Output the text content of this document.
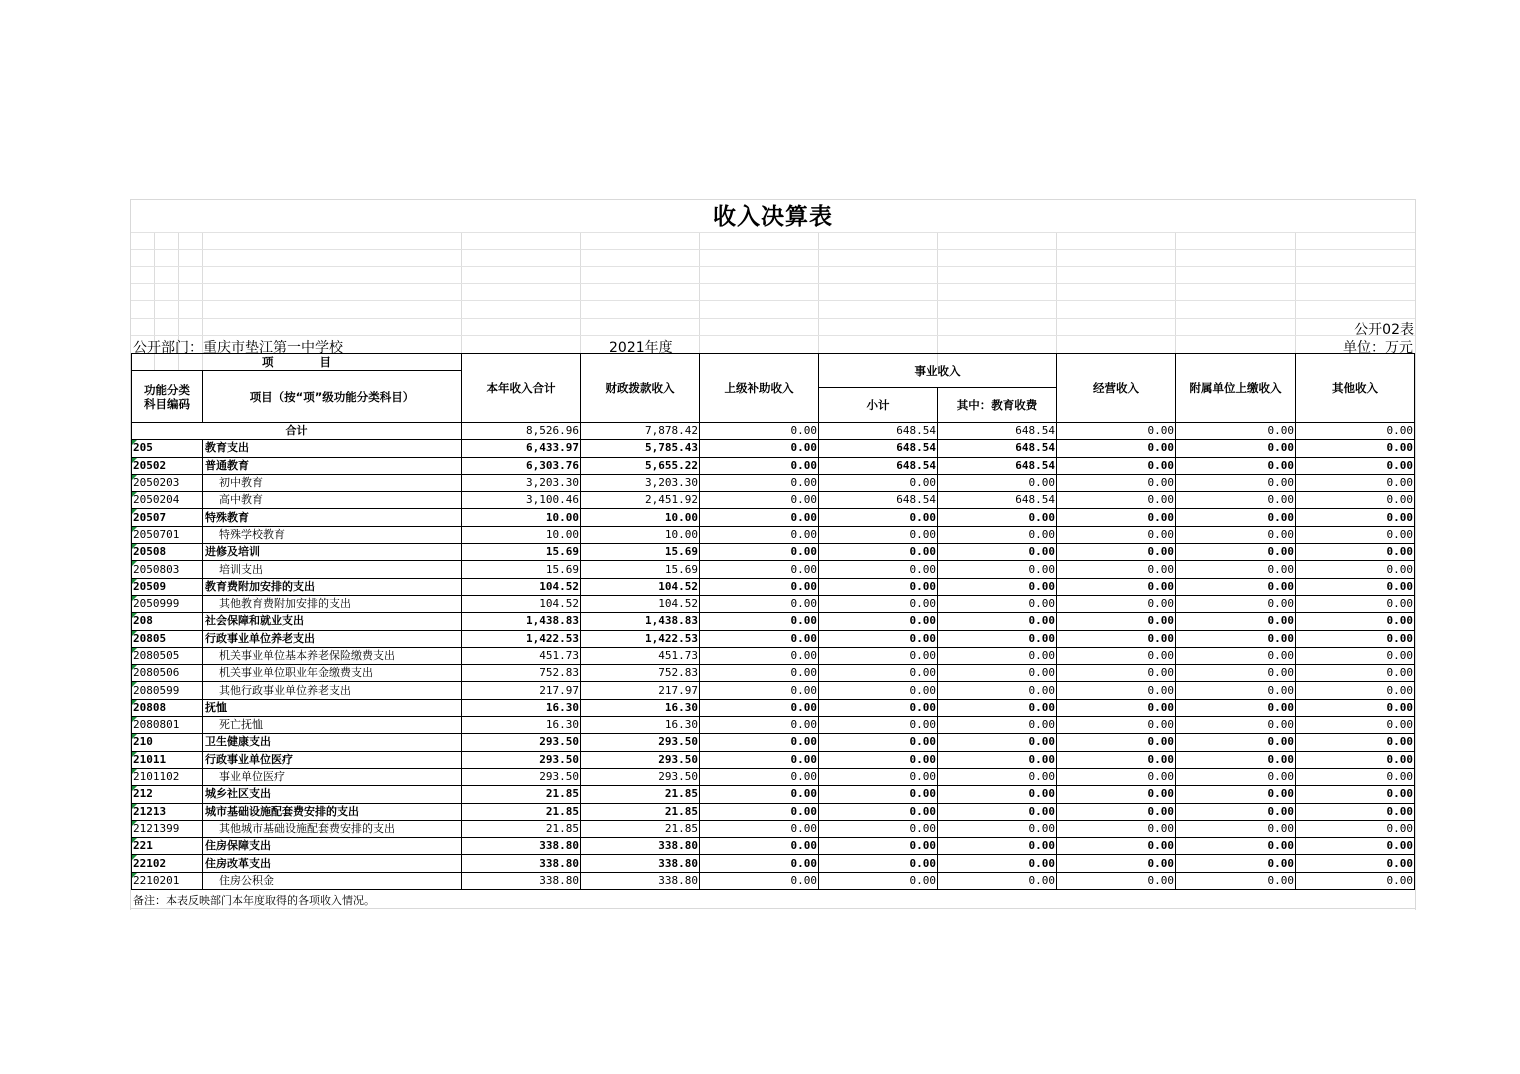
收入决算表
公开02表
公开部门：重庆市垫江第一中学校	2021年度	单位：万元
项　　　　目		本年收入合计	财政拨款收入	上级补助收入	事业收入		经营收入	附属单位上缴收入	其他收入
功能分类
科目编码	项目（按“项”级功能分类科目）								
					小计	其中：教育收费			
合计		8,526.96	7,878.42	0.00	648.54	648.54	0.00	0.00	0.00
205	教育支出	6,433.97	5,785.43	0.00	648.54	648.54	0.00	0.00	0.00
20502	普通教育	6,303.76	5,655.22	0.00	648.54	648.54	0.00	0.00	0.00
2050203	初中教育	3,203.30	3,203.30	0.00	0.00	0.00	0.00	0.00	0.00
2050204	高中教育	3,100.46	2,451.92	0.00	648.54	648.54	0.00	0.00	0.00
20507	特殊教育	10.00	10.00	0.00	0.00	0.00	0.00	0.00	0.00
2050701	特殊学校教育	10.00	10.00	0.00	0.00	0.00	0.00	0.00	0.00
20508	进修及培训	15.69	15.69	0.00	0.00	0.00	0.00	0.00	0.00
2050803	培训支出	15.69	15.69	0.00	0.00	0.00	0.00	0.00	0.00
20509	教育费附加安排的支出	104.52	104.52	0.00	0.00	0.00	0.00	0.00	0.00
2050999	其他教育费附加安排的支出	104.52	104.52	0.00	0.00	0.00	0.00	0.00	0.00
208	社会保障和就业支出	1,438.83	1,438.83	0.00	0.00	0.00	0.00	0.00	0.00
20805	行政事业单位养老支出	1,422.53	1,422.53	0.00	0.00	0.00	0.00	0.00	0.00
2080505	机关事业单位基本养老保险缴费支出	451.73	451.73	0.00	0.00	0.00	0.00	0.00	0.00
2080506	机关事业单位职业年金缴费支出	752.83	752.83	0.00	0.00	0.00	0.00	0.00	0.00
2080599	其他行政事业单位养老支出	217.97	217.97	0.00	0.00	0.00	0.00	0.00	0.00
20808	抚恤	16.30	16.30	0.00	0.00	0.00	0.00	0.00	0.00
2080801	死亡抚恤	16.30	16.30	0.00	0.00	0.00	0.00	0.00	0.00
210	卫生健康支出	293.50	293.50	0.00	0.00	0.00	0.00	0.00	0.00
21011	行政事业单位医疗	293.50	293.50	0.00	0.00	0.00	0.00	0.00	0.00
2101102	事业单位医疗	293.50	293.50	0.00	0.00	0.00	0.00	0.00	0.00
212	城乡社区支出	21.85	21.85	0.00	0.00	0.00	0.00	0.00	0.00
21213	城市基础设施配套费安排的支出	21.85	21.85	0.00	0.00	0.00	0.00	0.00	0.00
2121399	其他城市基础设施配套费安排的支出	21.85	21.85	0.00	0.00	0.00	0.00	0.00	0.00
221	住房保障支出	338.80	338.80	0.00	0.00	0.00	0.00	0.00	0.00
22102	住房改革支出	338.80	338.80	0.00	0.00	0.00	0.00	0.00	0.00
2210201	住房公积金	338.80	338.80	0.00	0.00	0.00	0.00	0.00	0.00
备注：本表反映部门本年度取得的各项收入情况。
